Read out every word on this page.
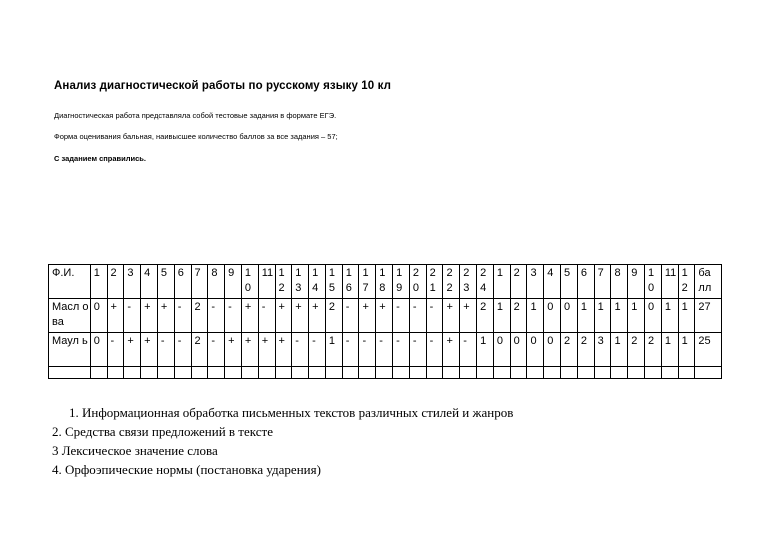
Анализ диагностической работы по русскому языку 10 кл
Диагностическая работа представляла собой тестовые задания в формате ЕГЭ.
Форма оценивания бальная, наивысшее количество баллов за все задания – 57;
С заданием справились.
Ф.И.	1	2	3	4	5	6	7	8	9	10	11	12	13	14	15	16	17	18	19	20	21	22	23	24	1	2	3	4	5	6	7	8	9	10	11	12	ба лл
Масл ова	0	+	-	+	+	-	2	-	-	+	-	+	+	+	2	-	+	+	-	-	-	+	+	2	1	2	1	0	0	1	1	1	1	0	1	1	27
Маул ь	0	-	+	+	-	-	2	-	+	+	+	+	-	-	1	-	-	-	-	-	-	+	-	1	0	0	0	0	2	2	3	1	2	2	1	1	25

1. Информационная обработка письменных текстов различных стилей и жанров
2. Средства связи предложений в тексте
3 Лексическое значение слова
4. Орфоэпические нормы (постановка ударения)
